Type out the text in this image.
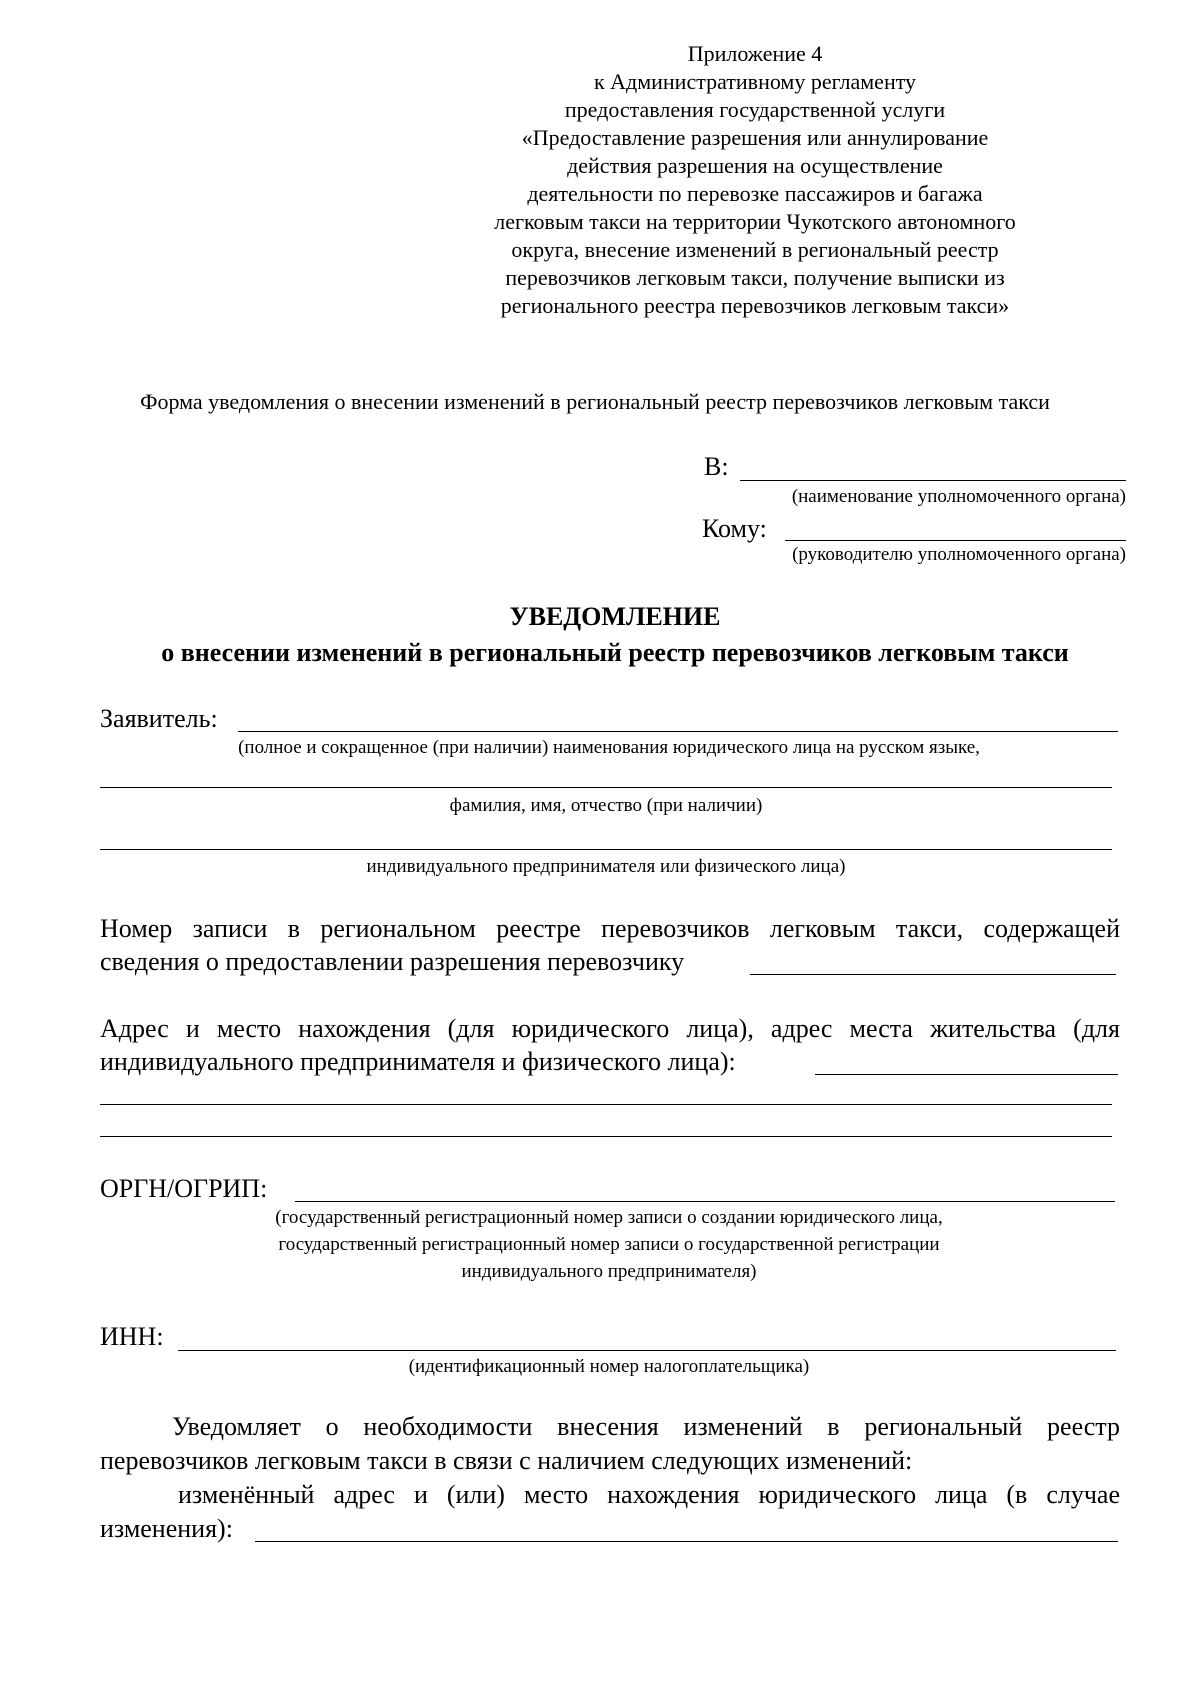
Приложение 4
к Административному регламенту
предоставления государственной услуги
«Предоставление разрешения или аннулирование
действия разрешения на осуществление
деятельности по перевозке пассажиров и багажа
легковым такси на территории Чукотского автономного
округа, внесение изменений в региональный реестр
перевозчиков легковым такси, получение выписки из
регионального реестра перевозчиков легковым такси»
Форма уведомления о внесении изменений в региональный реестр перевозчиков легковым такси
В:
(наименование уполномоченного органа)
Кому:
(руководителю уполномоченного органа)
УВЕДОМЛЕНИЕ
о внесении изменений в региональный реестр перевозчиков легковым такси
Заявитель:
(полное и сокращенное (при наличии) наименования юридического лица на русском языке,
фамилия, имя, отчество (при наличии)
индивидуального предпринимателя или физического лица)
Номер записи в региональном реестре перевозчиков легковым такси, содержащей
сведения о предоставлении разрешения перевозчику
Адрес и место нахождения (для юридического лица), адрес места жительства (для
индивидуального предпринимателя и физического лица):
ОРГН/ОГРИП:
(государственный регистрационный номер записи о создании юридического лица,
государственный регистрационный номер записи о государственной регистрации
индивидуального предпринимателя)
ИНН:
(идентификационный номер налогоплательщика)
Уведомляет о необходимости внесения изменений в региональный реестр
перевозчиков легковым такси в связи с наличием следующих изменений:
изменённый адрес и (или) место нахождения юридического лица (в случае
изменения):
